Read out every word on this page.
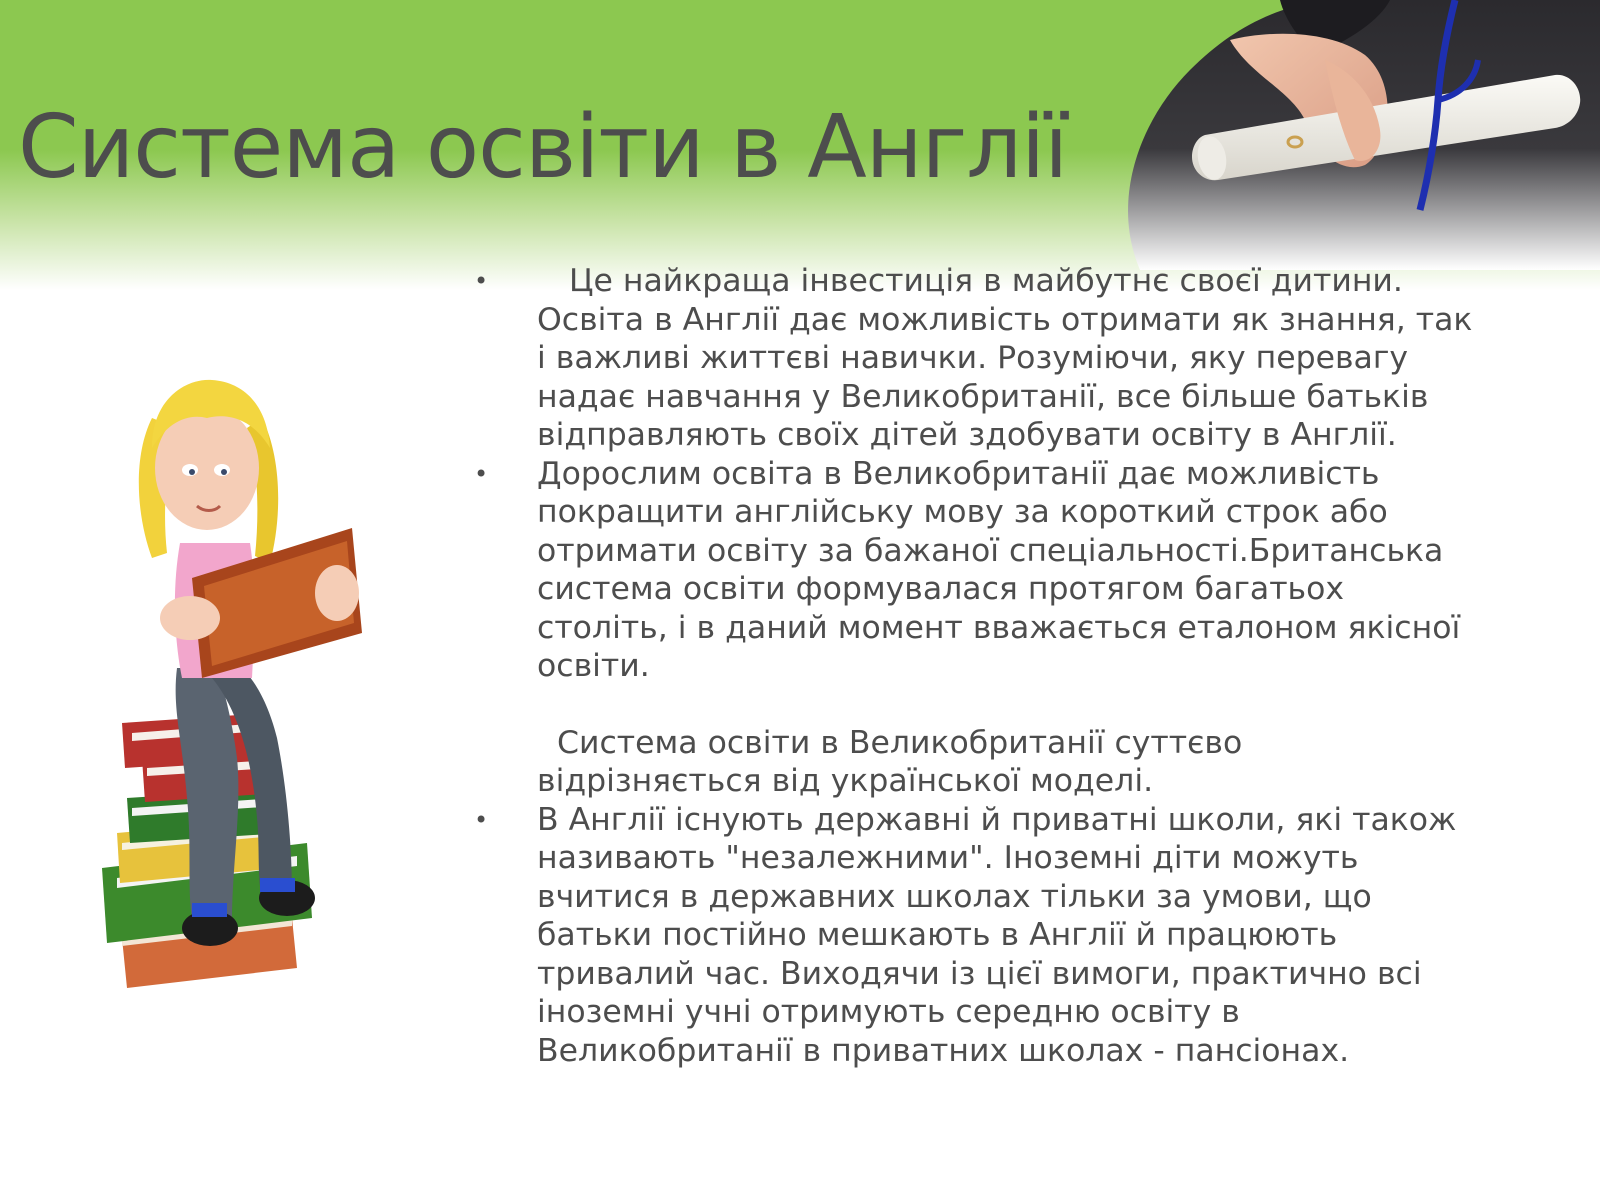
Система освіти в Англії
•	Це найкраща інвестиція в майбутнє своєї дитини.
Освіта в Англії дає можливість отримати як знання, так
і важливі життєві навички. Розуміючи, яку перевагу
надає навчання у Великобританії, все більше батьків
відправляють своїх дітей здобувати освіту в Англії.
• Дорослим освіта в Великобританії дає можливість
покращити англійську мову за короткий строк або
отримати освіту за бажаної спеціальності.Британська
система освіти формувалася протягом багатьох
століть, і в даний момент вважається еталоном якісної
освіти.
Система освіти в Великобританії суттєво
відрізняється від української моделі.
• В Англії існують державні й приватні школи, які також
називають "незалежними". Іноземні діти можуть
вчитися в державних школах тільки за умови, що
батьки постійно мешкають в Англії й працюють
тривалий час. Виходячи із цієї вимоги, практично всі
іноземні учні отримують середню освіту в
Великобританії в приватних школах - пансіонах.
